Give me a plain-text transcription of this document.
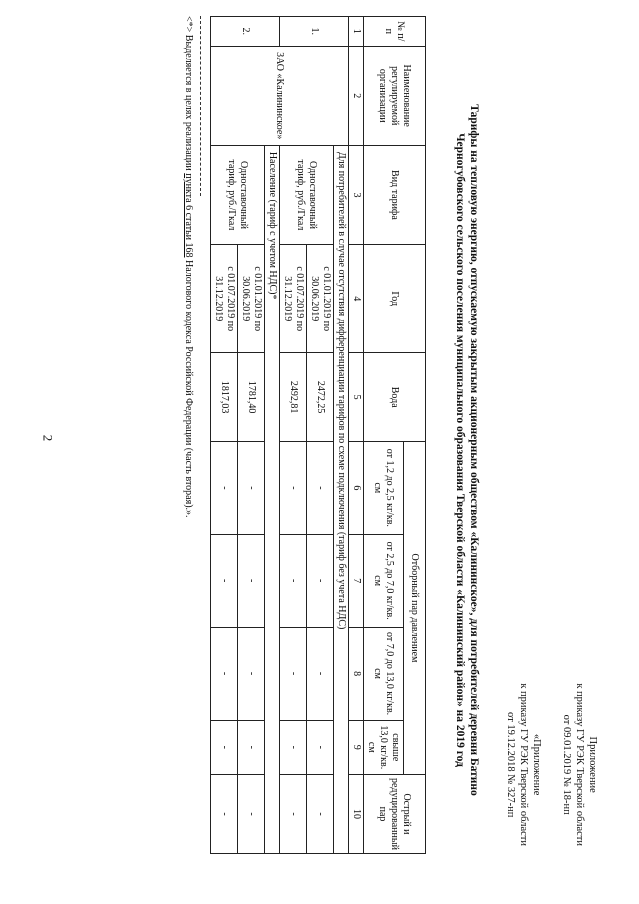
2
Приложение
к приказу ГУ РЭК Тверской области
от 09.01.2019 № 18-нп
«Приложение
к приказу ГУ РЭК Тверской области
от 19.12.2018 № 327-нп
Тарифы на тепловую энергию, отпускаемую закрытым акционерным обществом «Калининское», для потребителей деревни Батино
Черногубовского сельского поселения муниципального образования Тверской области «Калининский район» на 2019 год
№ п/ п	Наименование регулируемой организации	Вид тарифа	Год	Вода	Отборный пар давлением				Острый и редуцированный пар
					от 1,2 до 2,5 кг/кв. см	от 2,5 до 7,0 кг/кв. см	от 7,0 до 13,0 кг/кв. см	свыше 13,0 кг/кв. см	
1	2	3	4	5	6	7	8	9	10
1.	ЗАО «Калининское»	Для потребителей в случае отсутствия дифференциации тарифов по схеме подключения (тариф без учета НДС)							
		Одноставочный тариф, руб./Гкал	с 01.01.2019 по 30.06.2019	2472,25	-	-	-	-	-
			с 01.07.2019 по 31.12.2019	2492,81	-	-	-	-	-
2.		Население (тариф с учетом НДС)*							
		Одноставочный тариф, руб./Гкал	с 01.01.2019 по 30.06.2019	1781,40	-	-	-	-	-
			с 01.07.2019 по 31.12.2019	1817,03	-	-	-	-	-
<*> Выделяется в целях реализации пункта 6 статьи 168 Налогового кодекса Российской Федерации (часть вторая).».
